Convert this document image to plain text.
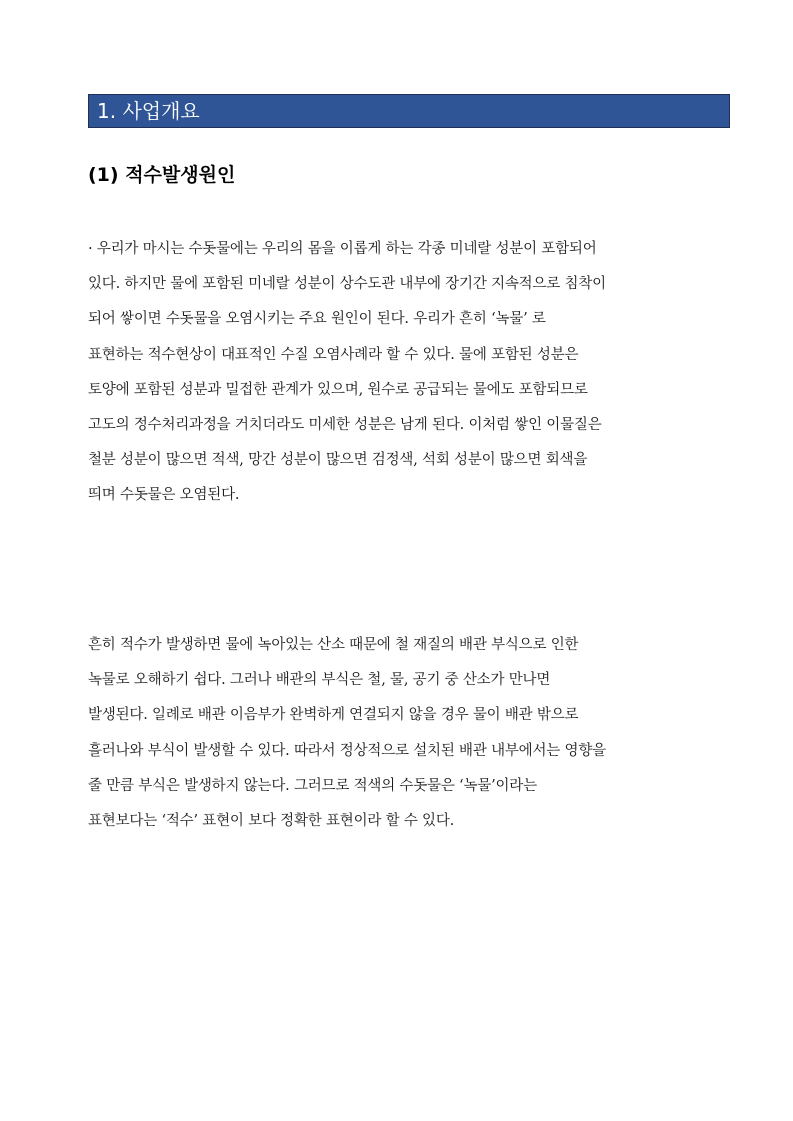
1. 사업개요
(1) 적수발생원인

· 우리가 마시는 수돗물에는 우리의 몸을 이롭게 하는 각종 미네랄 성분이 포함되어
있다. 하지만 물에 포함된 미네랄 성분이 상수도관 내부에 장기간 지속적으로 침착이
되어 쌓이면 수돗물을 오염시키는 주요 원인이 된다. 우리가 흔히 ‘녹물’ 로
표현하는 적수현상이 대표적인 수질 오염사례라 할 수 있다. 물에 포함된 성분은
토양에 포함된 성분과 밀접한 관계가 있으며, 원수로 공급되는 물에도 포함되므로
고도의 정수처리과정을 거치더라도 미세한 성분은 남게 된다. 이처럼 쌓인 이물질은
철분 성분이 많으면 적색, 망간 성분이 많으면 검정색, 석회 성분이 많으면 회색을
띄며 수돗물은 오염된다.

흔히 적수가 발생하면 물에 녹아있는 산소 때문에 철 재질의 배관 부식으로 인한
녹물로 오해하기 쉽다. 그러나 배관의 부식은 철, 물, 공기 중 산소가 만나면
발생된다. 일례로 배관 이음부가 완벽하게 연결되지 않을 경우 물이 배관 밖으로
흘러나와 부식이 발생할 수 있다. 따라서 정상적으로 설치된 배관 내부에서는 영향을
줄 만큼 부식은 발생하지 않는다. 그러므로 적색의 수돗물은 ‘녹물’이라는
표현보다는 ‘적수’ 표현이 보다 정확한 표현이라 할 수 있다.
